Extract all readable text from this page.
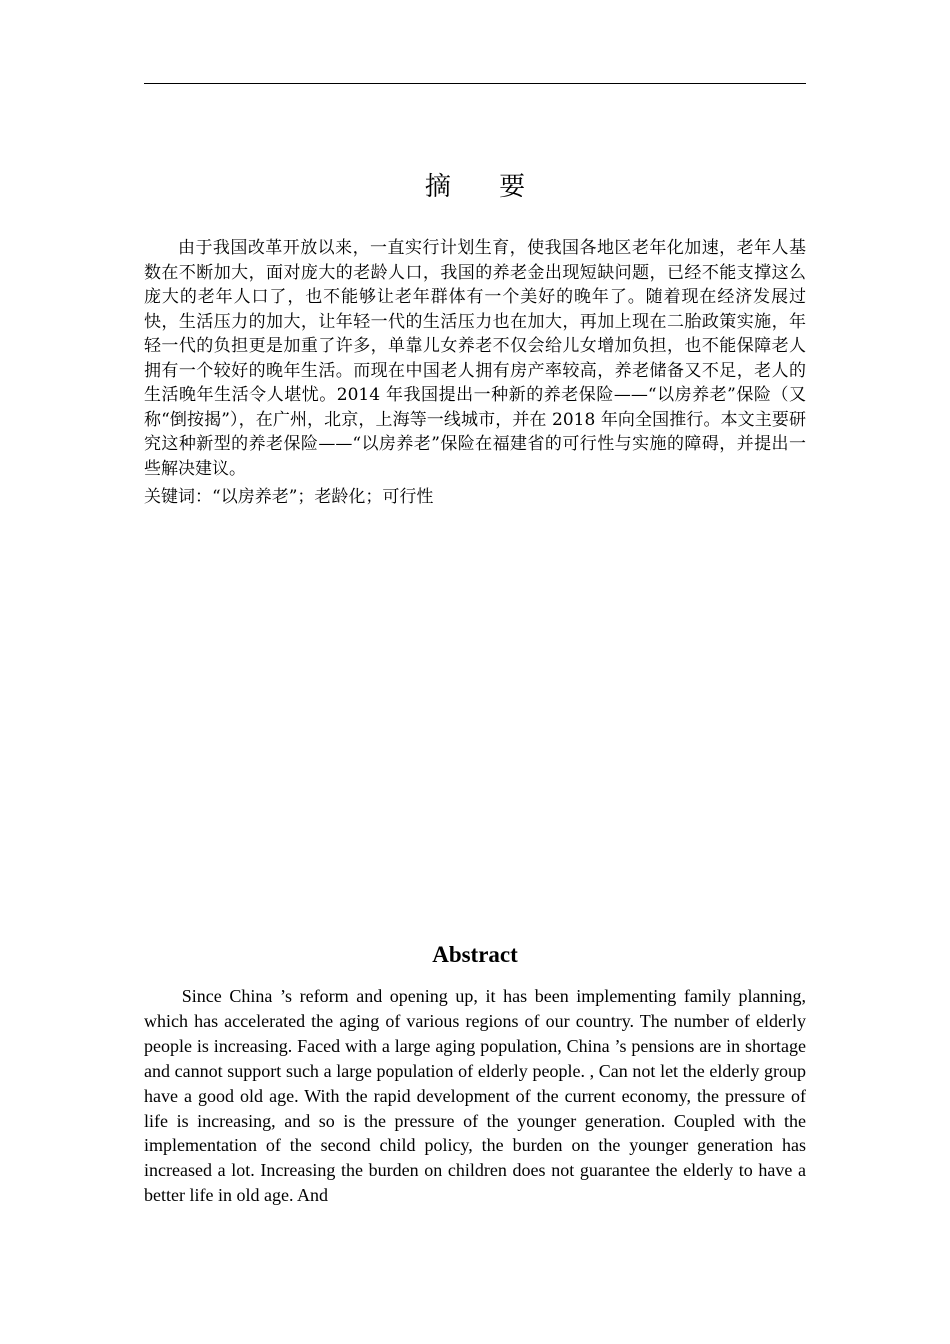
摘 要

由于我国改革开放以来，一直实行计划生育，使我国各地区老年化加速，老年人基数在不断加大，面对庞大的老龄人口，我国的养老金出现短缺问题，已经不能支撑这么庞大的老年人口了，也不能够让老年群体有一个美好的晚年了。随着现在经济发展过快，生活压力的加大，让年轻一代的生活压力也在加大，再加上现在二胎政策实施，年轻一代的负担更是加重了许多，单靠儿女养老不仅会给儿女增加负担，也不能保障老人拥有一个较好的晚年生活。而现在中国老人拥有房产率较高，养老储备又不足，老人的生活晚年生活令人堪忧。2014 年我国提出一种新的养老保险——“以房养老”保险（又称“倒按揭”），在广州，北京，上海等一线城市，并在 2018 年向全国推行。本文主要研究这种新型的养老保险——“以房养老”保险在福建省的可行性与实施的障碍，并提出一些解决建议。

关键词：“以房养老”；老龄化；可行性
Abstract

Since China ’s reform and opening up, it has been implementing family planning, which has accelerated the aging of various regions of our country. The number of elderly people is increasing. Faced with a large aging population, China ’s pensions are in shortage and cannot support such a large population of elderly people. , Can not let the elderly group have a good old age. With the rapid development of the current economy, the pressure of life is increasing, and so is the pressure of the younger generation. Coupled with the implementation of the second child policy, the burden on the younger generation has increased a lot. Increasing the burden on children does not guarantee the elderly to have a better life in old age. And
